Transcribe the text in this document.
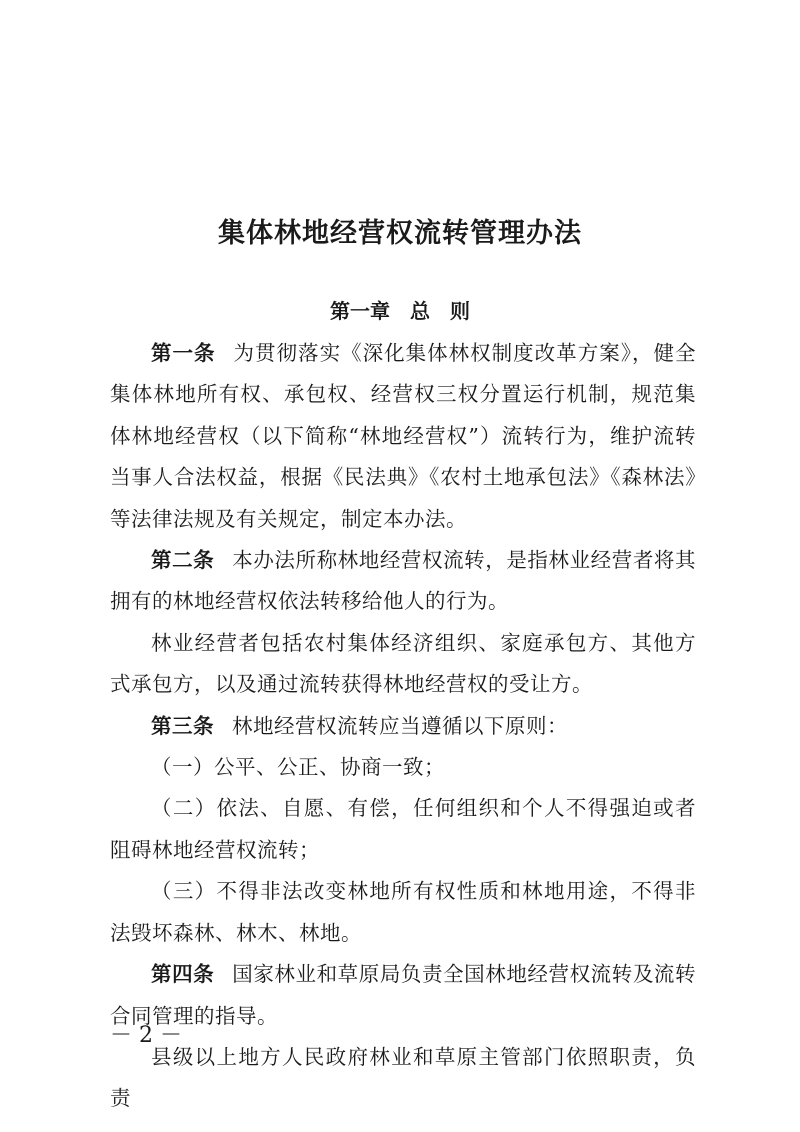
集体林地经营权流转管理办法
第一章 总　则

第一条 为贯彻落实《深化集体林权制度改革方案》，健全集体林地所有权、承包权、经营权三权分置运行机制，规范集体林地经营权（以下简称“林地经营权”）流转行为，维护流转当事人合法权益，根据《民法典》《农村土地承包法》《森林法》等法律法规及有关规定，制定本办法。

第二条 本办法所称林地经营权流转，是指林业经营者将其拥有的林地经营权依法转移给他人的行为。

林业经营者包括农村集体经济组织、家庭承包方、其他方式承包方，以及通过流转获得林地经营权的受让方。

第三条 林地经营权流转应当遵循以下原则：

（一）公平、公正、协商一致；

（二）依法、自愿、有偿，任何组织和个人不得强迫或者阻碍林地经营权流转；

（三）不得非法改变林地所有权性质和林地用途，不得非法毁坏森林、林木、林地。

第四条 国家林业和草原局负责全国林地经营权流转及流转合同管理的指导。

县级以上地方人民政府林业和草原主管部门依照职责，负责

－ 2 －
